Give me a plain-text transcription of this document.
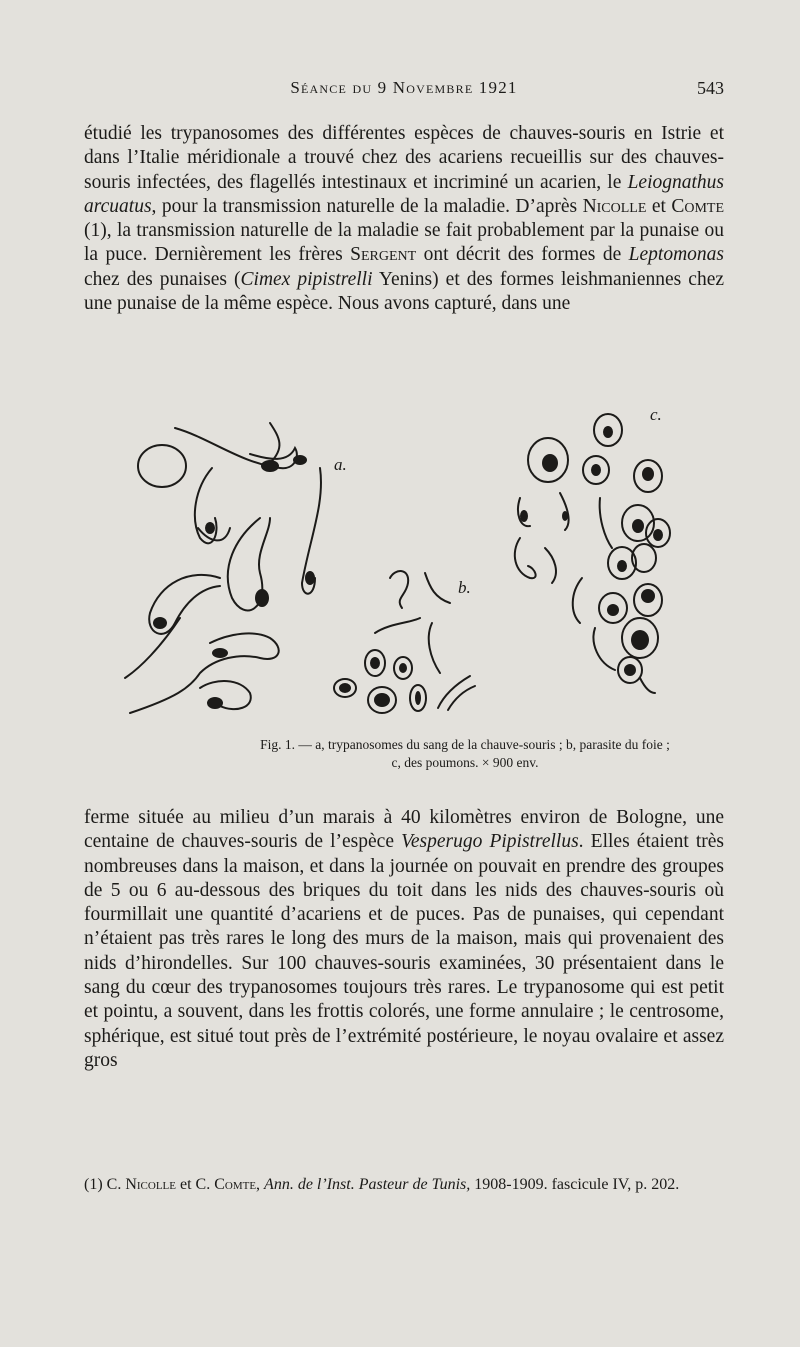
Séance du 9 Novembre 1921	543

étudié les trypanosomes des différentes espèces de chauves-souris en Istrie et dans l’Italie méridionale a trouvé chez des acariens recueillis sur des chauves-souris infectées, des flagellés intestinaux et incriminé un acarien, le Leiognathus arcuatus, pour la transmission naturelle de la maladie. D’après Nicolle et Comte (1), la transmission naturelle de la maladie se fait probablement par la punaise ou la puce. Dernièrement les frères Sergent ont décrit des formes de Leptomonas chez des punaises (Cimex pipistrelli Yenins) et des formes leishmaniennes chez une punaise de la même espèce. Nous avons capturé, dans une

a.
b.
c.
Fig. 1. — a, trypanosomes du sang de la chauve-souris ; b, parasite du foie ;
c, des poumons. × 900 env.

ferme située au milieu d’un marais à 40 kilomètres environ de Bologne, une centaine de chauves-souris de l’espèce Vesperugo Pipistrellus. Elles étaient très nombreuses dans la maison, et dans la journée on pouvait en prendre des groupes de 5 ou 6 au-dessous des briques du toit dans les nids des chauves-souris où fourmillait une quantité d’acariens et de puces. Pas de punaises, qui cependant n’étaient pas très rares le long des murs de la maison, mais qui provenaient des nids d’hirondelles. Sur 100 chauves-souris examinées, 30 présentaient dans le sang du cœur des trypanosomes toujours très rares. Le trypanosome qui est petit et pointu, a souvent, dans les frottis colorés, une forme annulaire ; le centrosome, sphérique, est situé tout près de l’extrémité postérieure, le noyau ovalaire et assez gros

(1) C. Nicolle et C. Comte, Ann. de l’Inst. Pasteur de Tunis, 1908-1909. fascicule IV, p. 202.
